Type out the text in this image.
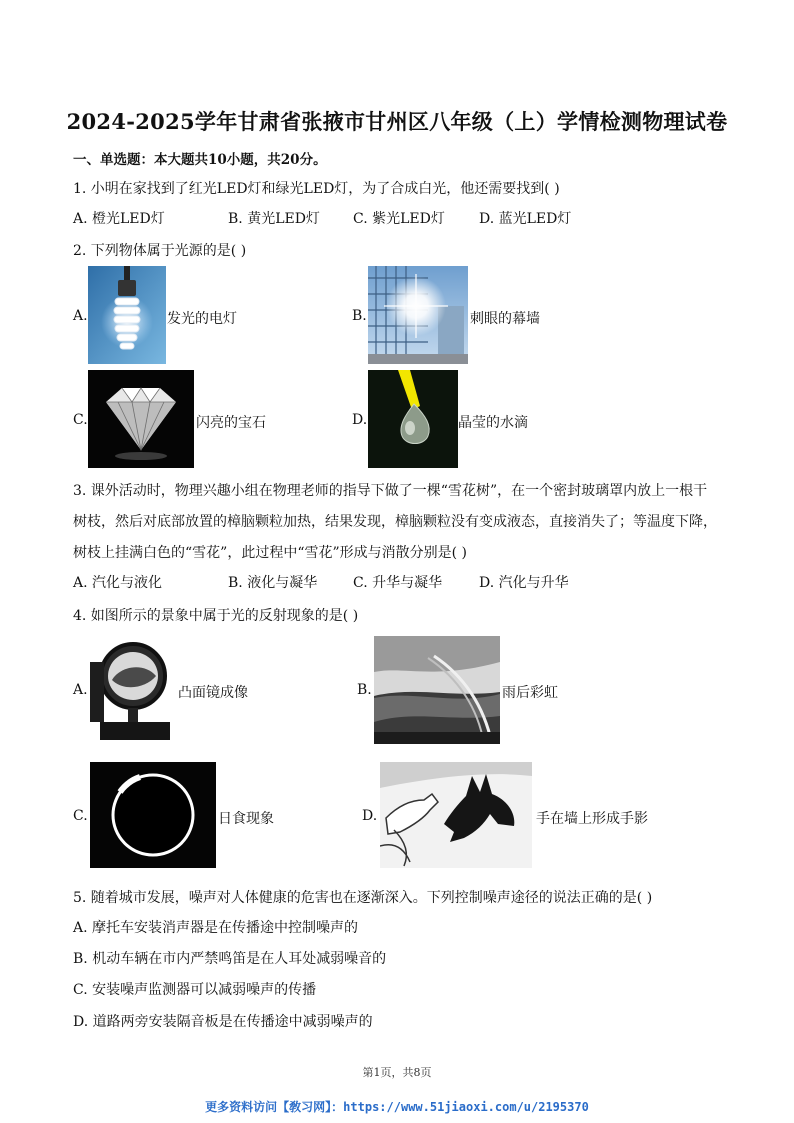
2024-2025学年甘肃省张掖市甘州区八年级（上）学情检测物理试卷
一、单选题：本大题共10小题，共20分。
1. 小明在家找到了红光LED灯和绿光LED灯，为了合成白光，他还需要找到( )
A. 橙光LED灯	B. 黄光LED灯 C. 紫光LED灯 D. 蓝光LED灯
2. 下列物体属于光源的是( )
A.	发光的电灯	B.	刺眼的幕墙
C.	闪亮的宝石	D.	晶莹的水滴
3. 课外活动时，物理兴趣小组在物理老师的指导下做了一棵“雪花树”，在一个密封玻璃罩内放上一根干
树枝，然后对底部放置的樟脑颗粒加热，结果发现，樟脑颗粒没有变成液态，直接消失了；等温度下降，
树枝上挂满白色的“雪花”，此过程中“雪花”形成与消散分别是( )
A. 汽化与液化	B. 液化与凝华	C. 升华与凝华	D. 汽化与升华
4. 如图所示的景象中属于光的反射现象的是( )
A.	凸面镜成像	B.	雨后彩虹
C.	日食现象	D.	手在墙上形成手影
5. 随着城市发展，噪声对人体健康的危害也在逐渐深入。下列控制噪声途径的说法正确的是( )
A. 摩托车安装消声器是在传播途中控制噪声的
B. 机动车辆在市内严禁鸣笛是在人耳处减弱噪音的
C. 安装噪声监测器可以减弱噪声的传播
D. 道路两旁安装隔音板是在传播途中减弱噪声的
第1页，共8页
更多资料访问【敎习网】：https://www.51jiaoxi.com/u/2195370
